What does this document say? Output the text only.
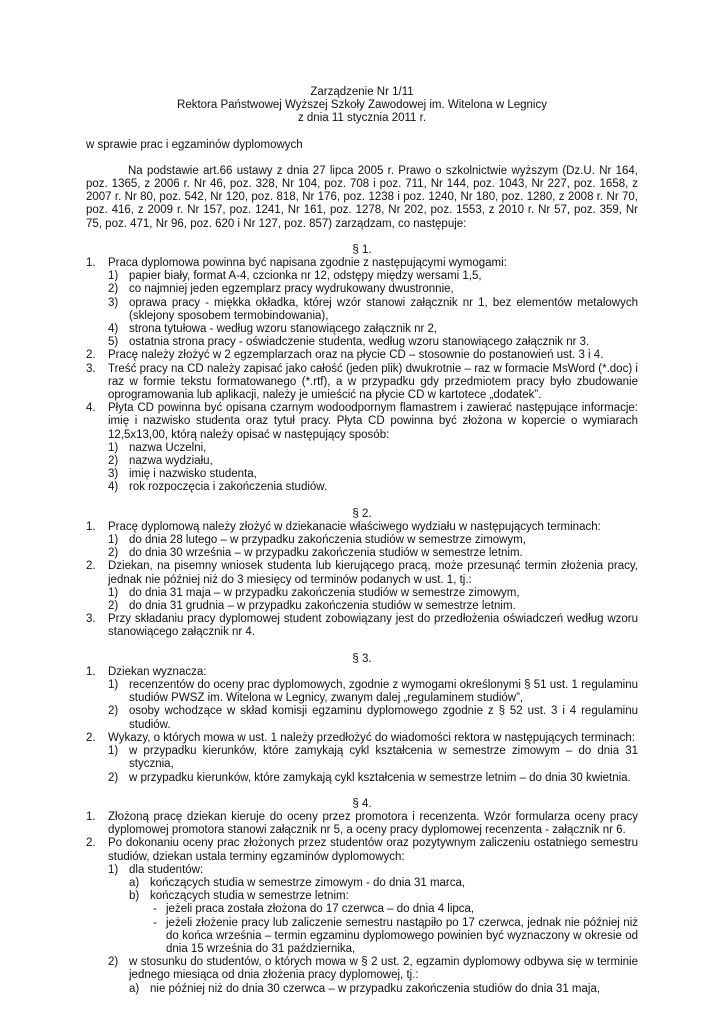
Zarządzenie Nr 1/11
Rektora Państwowej Wyższej Szkoły Zawodowej im. Witelona w Legnicy
z dnia 11 stycznia 2011 r.
w sprawie prac i egzaminów dyplomowych
Na podstawie art.66 ustawy z dnia 27 lipca 2005 r. Prawo o szkolnictwie wyższym (Dz.U. Nr 164, poz. 1365, z 2006 r. Nr 46, poz. 328, Nr 104, poz. 708 i poz. 711, Nr 144, poz. 1043, Nr 227, poz. 1658, z 2007 r. Nr 80, poz. 542, Nr 120, poz. 818, Nr 176, poz. 1238 i poz. 1240, Nr 180, poz. 1280, z 2008 r. Nr 70, poz. 416, z 2009 r. Nr 157, poz. 1241, Nr 161, poz. 1278, Nr 202, poz. 1553, z 2010 r. Nr 57, poz. 359, Nr 75, poz. 471, Nr 96, poz. 620 i Nr 127, poz. 857) zarządzam, co następuje:
§ 1.
1. Praca dyplomowa powinna być napisana zgodnie z następującymi wymogami:
1) papier biały, format A-4, czcionka nr 12, odstępy między wersami 1,5,
2) co najmniej jeden egzemplarz pracy wydrukowany dwustronnie,
3) oprawa pracy - miękka okładka, której wzór stanowi załącznik nr 1, bez elementów metalowych (sklejony sposobem termobindowania),
4) strona tytułowa - według wzoru stanowiącego załącznik nr 2,
5) ostatnia strona pracy - oświadczenie studenta, według wzoru stanowiącego załącznik nr 3.
2. Pracę należy złożyć w 2 egzemplarzach oraz na płycie CD – stosownie do postanowień ust. 3 i 4.
3. Treść pracy na CD należy zapisać jako całość (jeden plik) dwukrotnie – raz w formacie MsWord (*.doc) i raz w formie tekstu formatowanego (*.rtf), a w przypadku gdy przedmiotem pracy było zbudowanie oprogramowania lub aplikacji, należy je umieścić na płycie CD w kartotece „dodatek”.
4. Płyta CD powinna być opisana czarnym wodoodpornym flamastrem i zawierać następujące informacje: imię i nazwisko studenta oraz tytuł pracy. Płyta CD powinna być złożona w kopercie o wymiarach 12,5x13,00, którą należy opisać w następujący sposób:
1) nazwa Uczelni,
2) nazwa wydziału,
3) imię i nazwisko studenta,
4) rok rozpoczęcia i zakończenia studiów.
§ 2.
1. Pracę dyplomową należy złożyć w dziekanacie właściwego wydziału w następujących terminach:
1) do dnia 28 lutego – w przypadku zakończenia studiów w semestrze zimowym,
2) do dnia 30 września – w przypadku zakończenia studiów w semestrze letnim.
2. Dziekan, na pisemny wniosek studenta lub kierującego pracą, może przesunąć termin złożenia pracy, jednak nie później niż do 3 miesięcy od terminów podanych w ust. 1, tj.:
1) do dnia 31 maja – w przypadku zakończenia studiów w semestrze zimowym,
2) do dnia 31 grudnia – w przypadku zakończenia studiów w semestrze letnim.
3. Przy składaniu pracy dyplomowej student zobowiązany jest do przedłożenia oświadczeń według wzoru stanowiącego załącznik nr 4.
§ 3.
1. Dziekan wyznacza:
1) recenzentów do oceny prac dyplomowych, zgodnie z wymogami określonymi § 51 ust. 1 regulaminu studiów PWSZ im. Witelona w Legnicy, zwanym dalej „regulaminem studiów”,
2) osoby wchodzące w skład komisji egzaminu dyplomowego zgodnie z § 52 ust. 3 i 4 regulaminu studiów.
2. Wykazy, o których mowa w ust. 1 należy przedłożyć do wiadomości rektora w następujących terminach:
1) w przypadku kierunków, które zamykają cykl kształcenia w semestrze zimowym – do dnia 31 stycznia,
2) w przypadku kierunków, które zamykają cykl kształcenia w semestrze letnim – do dnia 30 kwietnia.
§ 4.
1. Złożoną pracę dziekan kieruje do oceny przez promotora i recenzenta. Wzór formularza oceny pracy dyplomowej promotora stanowi załącznik nr 5, a oceny pracy dyplomowej recenzenta - załącznik nr 6.
2. Po dokonaniu oceny prac złożonych przez studentów oraz pozytywnym zaliczeniu ostatniego semestru studiów, dziekan ustala terminy egzaminów dyplomowych:
1) dla studentów:
a) kończących studia w semestrze zimowym - do dnia 31 marca,
b) kończących studia w semestrze letnim:
- jeżeli praca została złożona do 17 czerwca – do dnia 4 lipca,
- jeżeli złożenie pracy lub zaliczenie semestru nastąpiło po 17 czerwca, jednak nie później niż do końca września – termin egzaminu dyplomowego powinien być wyznaczony w okresie od dnia 15 września do 31 października,
2) w stosunku do studentów, o których mowa w § 2 ust. 2, egzamin dyplomowy odbywa się w terminie jednego miesiąca od dnia złożenia pracy dyplomowej, tj.:
a) nie później niż do dnia 30 czerwca – w przypadku zakończenia studiów do dnia 31 maja,
